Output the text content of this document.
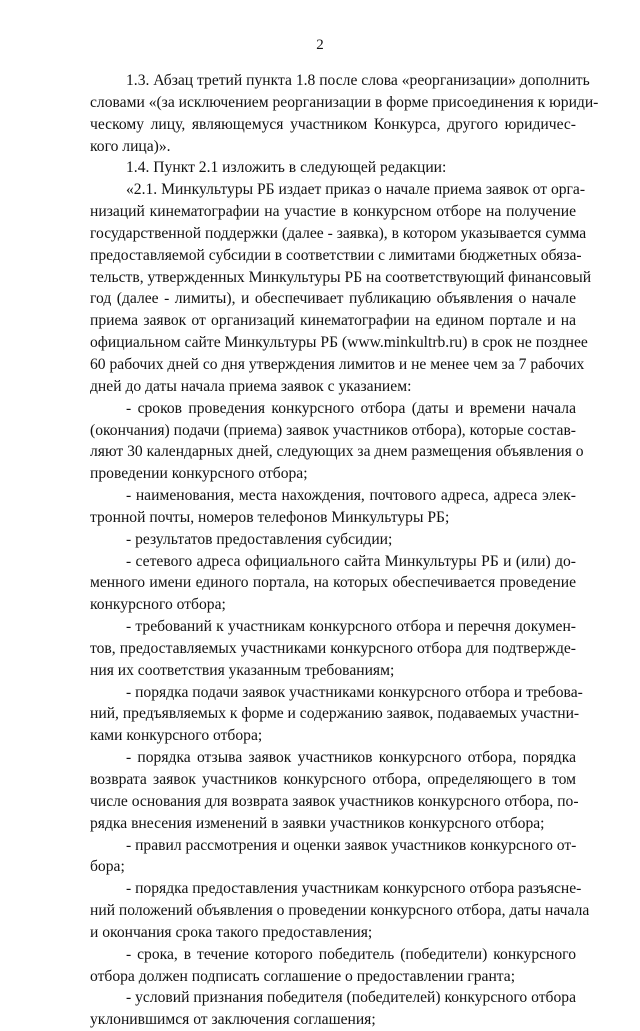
2
1.3. Абзац третий пункта 1.8 после слова «реорганизации» дополнить
словами «(за исключением реорганизации в форме присоединения к юриди-
ческому лицу, являющемуся участником Конкурса, другого юридичес-
кого лица)».
1.4. Пункт 2.1 изложить в следующей редакции:
«2.1. Минкультуры РБ издает приказ о начале приема заявок от орга-
низаций кинематографии на участие в конкурсном отборе на получение
государственной поддержки (далее - заявка), в котором указывается сумма
предоставляемой субсидии в соответствии с лимитами бюджетных обяза-
тельств, утвержденных Минкультуры РБ на соответствующий финансовый
год (далее - лимиты), и обеспечивает публикацию объявления о начале
приема заявок от организаций кинематографии на едином портале и на
официальном сайте Минкультуры РБ (www.minkultrb.ru) в срок не позднее
60 рабочих дней со дня утверждения лимитов и не менее чем за 7 рабочих
дней до даты начала приема заявок с указанием:
- сроков проведения конкурсного отбора (даты и времени начала
(окончания) подачи (приема) заявок участников отбора), которые состав-
ляют 30 календарных дней, следующих за днем размещения объявления о
проведении конкурсного отбора;
- наименования, места нахождения, почтового адреса, адреса элек-
тронной почты, номеров телефонов Минкультуры РБ;
- результатов предоставления субсидии;
- сетевого адреса официального сайта Минкультуры РБ и (или) до-
менного имени единого портала, на которых обеспечивается проведение
конкурсного отбора;
- требований к участникам конкурсного отбора и перечня докумен-
тов, предоставляемых участниками конкурсного отбора для подтвержде-
ния их соответствия указанным требованиям;
- порядка подачи заявок участниками конкурсного отбора и требова-
ний, предъявляемых к форме и содержанию заявок, подаваемых участни-
ками конкурсного отбора;
- порядка отзыва заявок участников конкурсного отбора, порядка
возврата заявок участников конкурсного отбора, определяющего в том
числе основания для возврата заявок участников конкурсного отбора, по-
рядка внесения изменений в заявки участников конкурсного отбора;
- правил рассмотрения и оценки заявок участников конкурсного от-
бора;
- порядка предоставления участникам конкурсного отбора разъясне-
ний положений объявления о проведении конкурсного отбора, даты начала
и окончания срока такого предоставления;
- срока, в течение которого победитель (победители) конкурсного
отбора должен подписать соглашение о предоставлении гранта;
- условий признания победителя (победителей) конкурсного отбора
уклонившимся от заключения соглашения;
